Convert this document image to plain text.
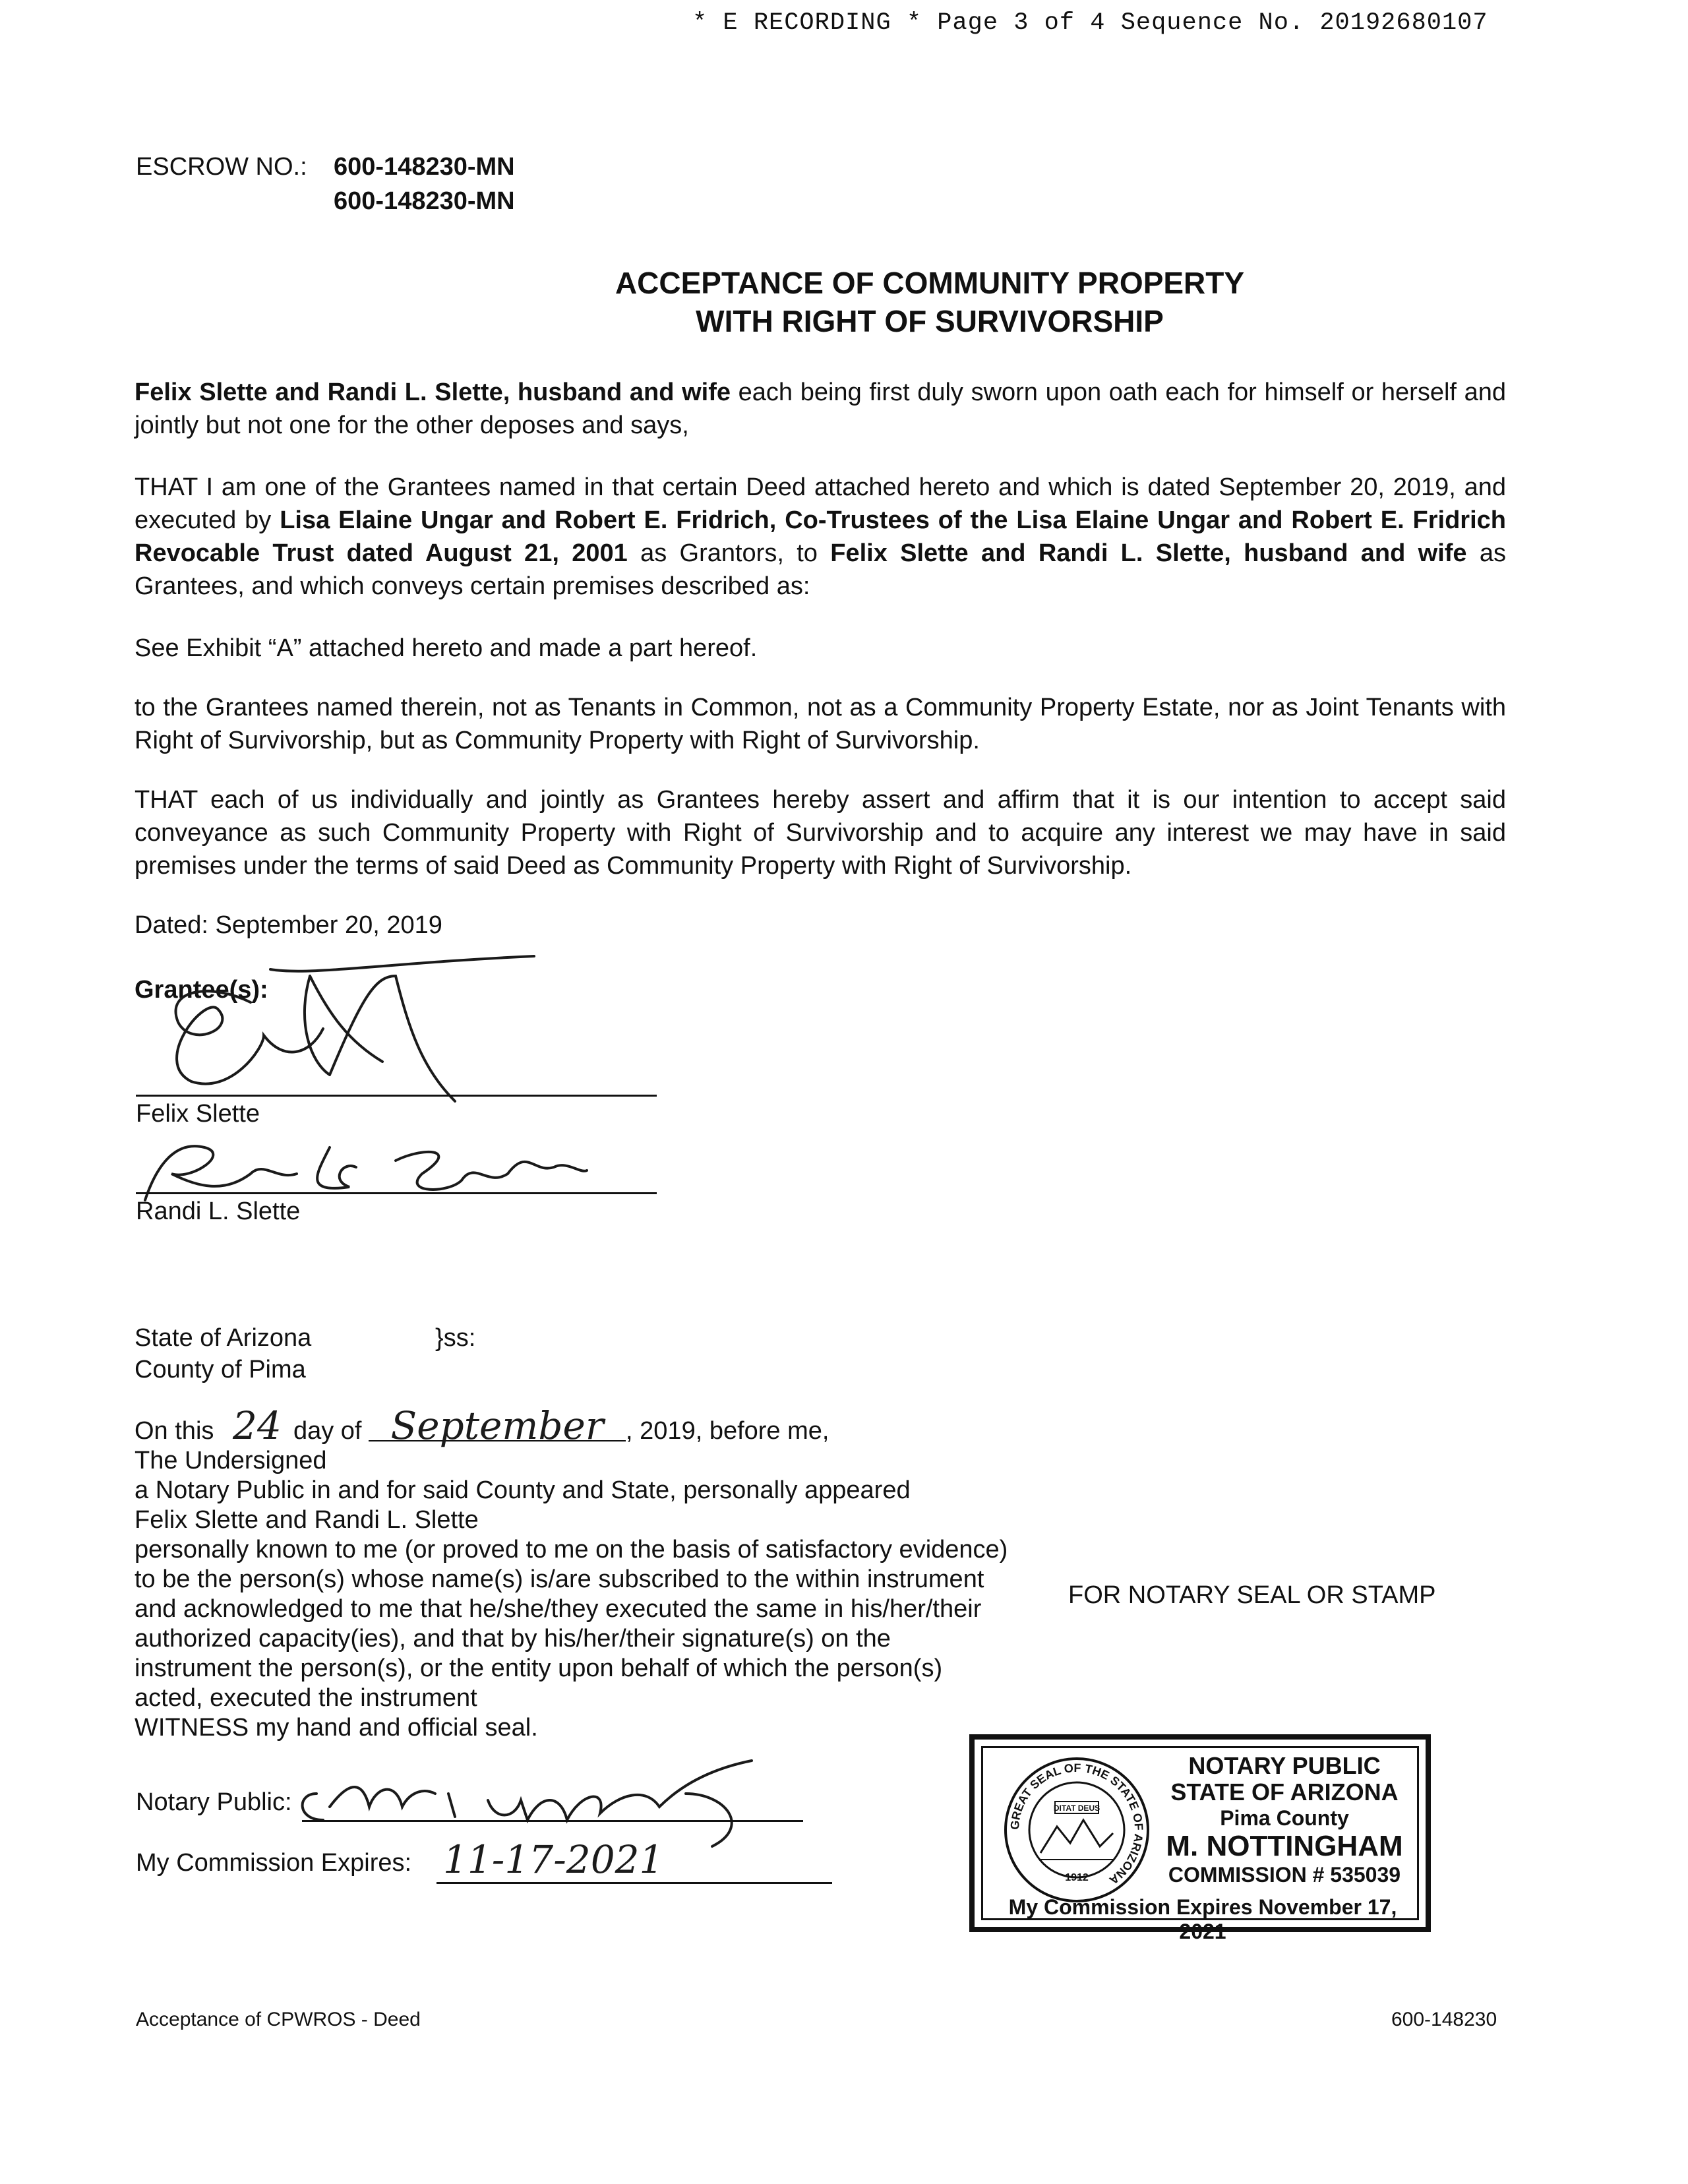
* E RECORDING * Page 3 of 4 Sequence No. 20192680107
ESCROW NO.: 600-148230-MN
600-148230-MN
ACCEPTANCE OF COMMUNITY PROPERTY
WITH RIGHT OF SURVIVORSHIP
Felix Slette and Randi L. Slette, husband and wife each being first duly sworn upon oath each for himself or herself and jointly but not one for the other deposes and says,
THAT I am one of the Grantees named in that certain Deed attached hereto and which is dated September 20, 2019, and executed by Lisa Elaine Ungar and Robert E. Fridrich, Co-Trustees of the Lisa Elaine Ungar and Robert E. Fridrich Revocable Trust dated August 21, 2001 as Grantors, to Felix Slette and Randi L. Slette, husband and wife as Grantees, and which conveys certain premises described as:
See Exhibit “A” attached hereto and made a part hereof.
to the Grantees named therein, not as Tenants in Common, not as a Community Property Estate, nor as Joint Tenants with Right of Survivorship, but as Community Property with Right of Survivorship.
THAT each of us individually and jointly as Grantees hereby assert and affirm that it is our intention to accept said conveyance as such Community Property with Right of Survivorship and to acquire any interest we may have in said premises under the terms of said Deed as Community Property with Right of Survivorship.
Dated: September 20, 2019
Grantee(s):
Felix Slette
Randi L. Slette
State of Arizona	}ss:
County of Pima
On this 24 day of September , 2019, before me,
The Undersigned
a Notary Public in and for said County and State, personally appeared
Felix Slette and Randi L. Slette
personally known to me (or proved to me on the basis of satisfactory evidence) to be the person(s) whose name(s) is/are subscribed to the within instrument and acknowledged to me that he/she/they executed the same in his/her/their authorized capacity(ies), and that by his/her/their signature(s) on the instrument the person(s), or the entity upon behalf of which the person(s) acted, executed the instrument
WITNESS my hand and official seal.
FOR NOTARY SEAL OR STAMP
Notary Public:
My Commission Expires: 11-17-2021
GREAT SEAL OF THE STATE OF ARIZONA
DITAT DEUS
1912
NOTARY PUBLIC
STATE OF ARIZONA
Pima County
M. NOTTINGHAM
COMMISSION # 535039
My Commission Expires November 17, 2021
Acceptance of CPWROS - Deed	600-148230
